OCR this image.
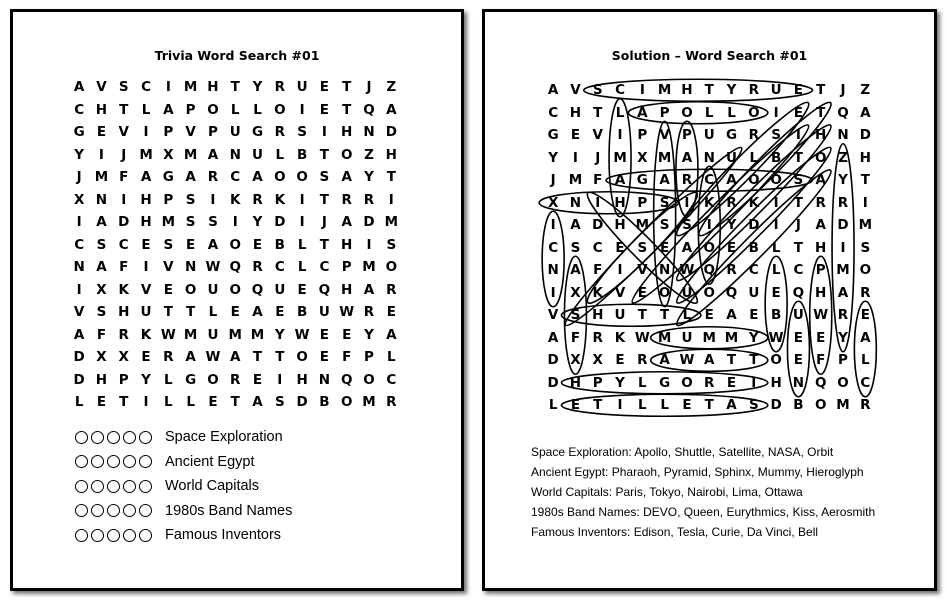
Trivia Word Search #01
A V S C	I M H T Y R U E T	J	Z
C H T L A P O L	L O	I	E T Q A
G E V	I	P V P U G R S	I	H N D
Y	I	J M X M A N U L B T O Z H
J M F A G A R C A O O S A Y T
X N	I	H P S	I	K R K	I	T R R	I
I	A D H M S S	I	Y D	I	J	A D M
C S C E S E A O E B L T H	I	S
N A F	I	V N W Q R C L C P M O
I	X K V E O U O Q U E Q H A R
V S H U T T L E A E B U W R E
A F R K W M U M M Y W E E Y A
D X X E R A W A T T O E F P L
D H P Y L G O R E	I	H N Q O C
L E T	I	L	L E T A S D B O M R
Space Exploration
Ancient Egypt
World Capitals
1980s Band Names
Famous Inventors
Solution – Word Search #01
A V S C	I M H T Y R U E T	J	Z
C H T L A P O L	L O	I	E T Q A
G E V	I	P V P U G R S	I	H N D
Y	I	J M X M A N U L B T O Z H
J M F A G A R C A O O S A Y T
X N	I	H P S	I	K R K	I	T R R	I
I	A D H M S S	I	Y D	I	J	A D M
C S C E S E A O E B L T H	I	S
N A F	I	V N W Q R C L C P M O
I	X K V E O U O Q U E Q H A R
V S H U T T L E A E B U W R E
A F R K W M U M M Y W E E Y A
D X X E R A W A T T O E F P L
D H P Y L G O R E	I	H N Q O C
L E T	I	L	L E T A S D B O M R
Space Exploration: Apollo, Shuttle, Satellite, NASA, Orbit
Ancient Egypt: Pharaoh, Pyramid, Sphinx, Mummy, Hieroglyph
World Capitals: Paris, Tokyo, Nairobi, Lima, Ottawa
1980s Band Names: DEVO, Queen, Eurythmics, Kiss, Aerosmith
Famous Inventors: Edison, Tesla, Curie, Da Vinci, Bell
